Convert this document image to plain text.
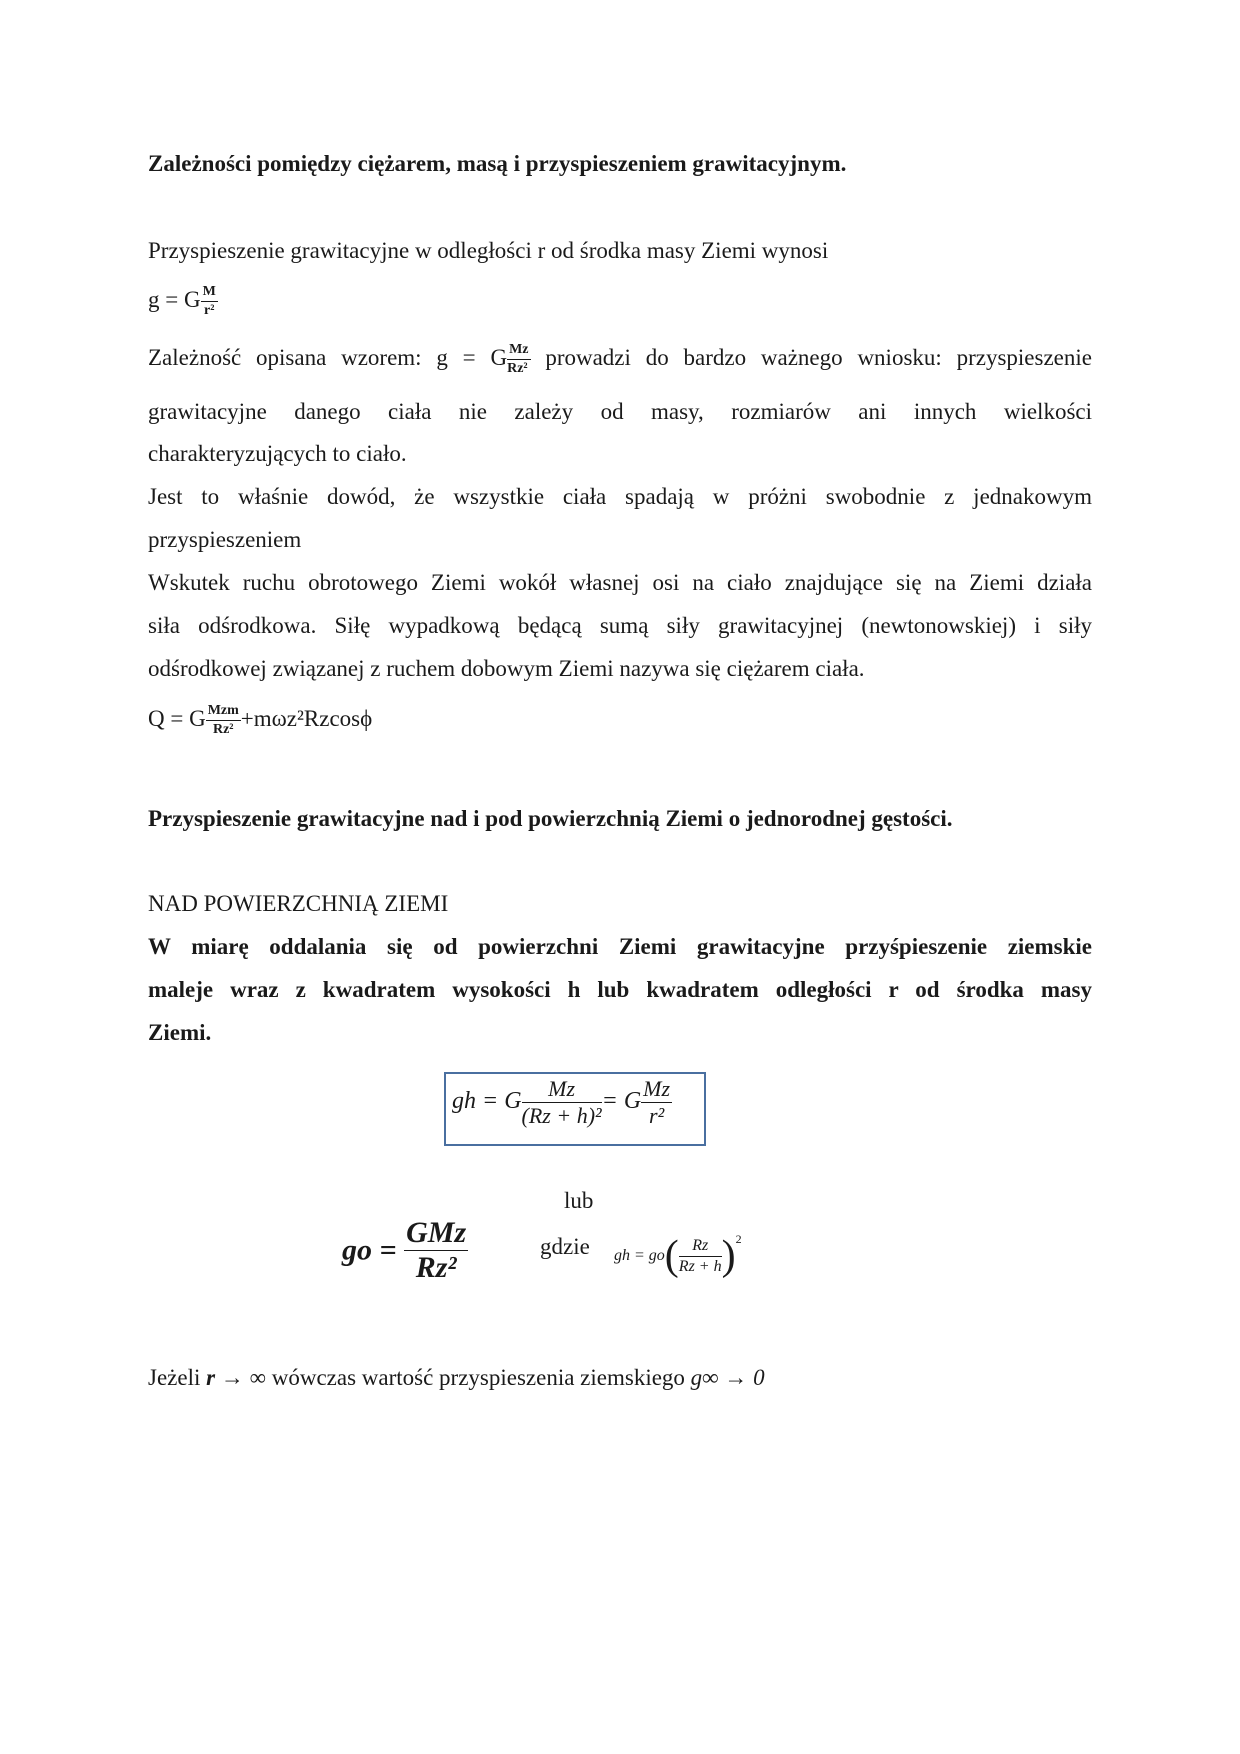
Zależności pomiędzy ciężarem, masą i przyspieszeniem grawitacyjnym.
Przyspieszenie grawitacyjne w odległości r od środka masy Ziemi wynosi
g = G $\frac{M}{\text{r²}}$
Zależność opisana wzorem: g = G $\frac{Mz}{\text{Rz²}}$ prowadzi do bardzo ważnego wniosku: przyspieszenie
grawitacyjne danego ciała nie zależy od masy, rozmiarów ani innych wielkości
charakteryzujących to ciało.
Jest to właśnie dowód, że wszystkie ciała spadają w próżni swobodnie z jednakowym
przyspieszeniem
Wskutek ruchu obrotowego Ziemi wokół własnej osi na ciało znajdujące się na Ziemi działa
siła odśrodkowa. Siłę wypadkową będącą sumą siły grawitacyjnej (newtonowskiej) i siły
odśrodkowej związanej z ruchem dobowym Ziemi nazywa się ciężarem ciała.
Q = G $\frac{\text{Mzm}}{\text{Rz²}} +m\omega z^2Rzcos\phi$
Przyspieszenie grawitacyjne nad i pod powierzchnią Ziemi o jednorodnej gęstości.
NAD POWIERZCHNIĄ ZIEMI
W miarę oddalania się od powierzchni Ziemi grawitacyjne przyśpieszenie ziemskie
maleje wraz z kwadratem wysokości h lub kwadratem odległości r od środka masy
Ziemi.
gh = G $\frac{Mz}{\text{(Rz + h)²}} = G \frac{Mz}{\text{r²}}$
lub
go = $\frac{\text{GMz}}{\text{Rz²}}$	gdzie gh = $go( \frac{Rz}{Rz + h} )^2$
Jeżeli r → ∞ wówczas wartość przyspieszenia ziemskiego g∞ → 0
